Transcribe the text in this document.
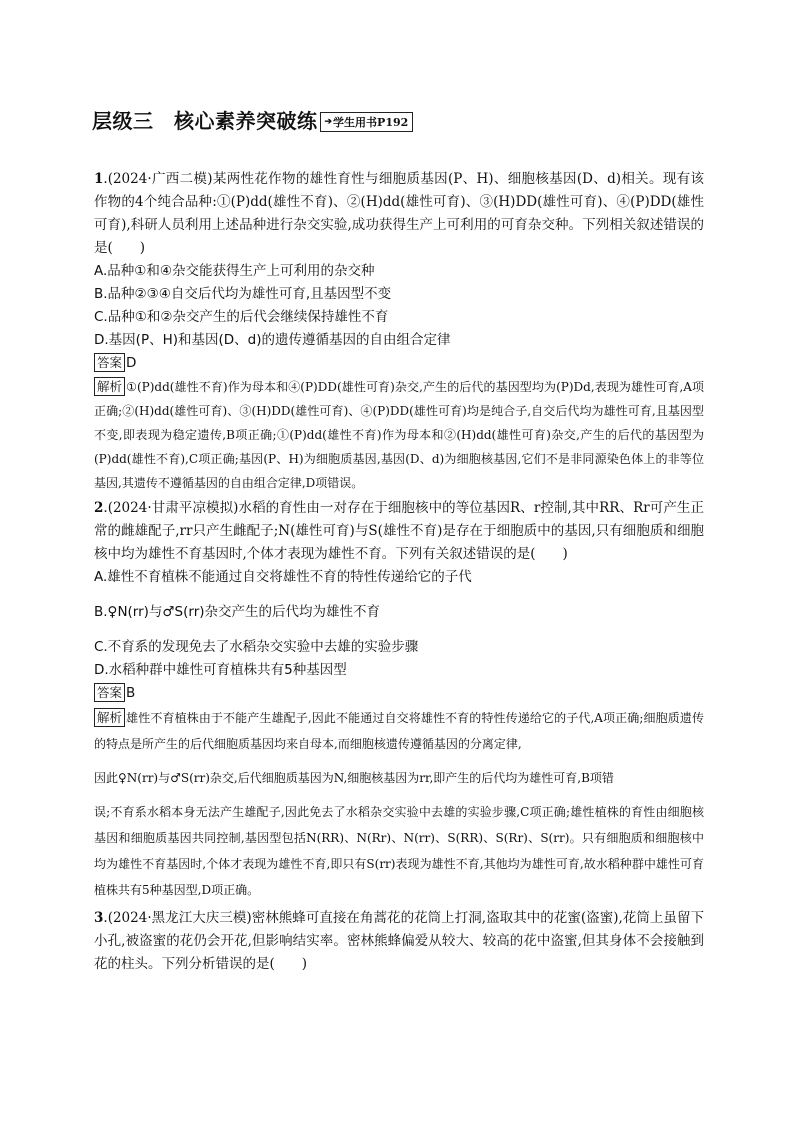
层级三　核心素养突破练 ➔ 学生用书P192

1.(2024·广西二模)某两性花作物的雄性育性与细胞质基因(P、H)、细胞核基因(D、d)相关。现有该作物的4个纯合品种:①(P)dd(雄性不育)、②(H)dd(雄性可育)、③(H)DD(雄性可育)、④(P)DD(雄性可育),科研人员利用上述品种进行杂交实验,成功获得生产上可利用的可育杂交种。下列相关叙述错误的是(　　)

A.品种①和④杂交能获得生产上可利用的杂交种

B.品种②③④自交后代均为雄性可育,且基因型不变

C.品种①和②杂交产生的后代会继续保持雄性不育

D.基因(P、H)和基因(D、d)的遗传遵循基因的自由组合定律

答案 D

解析 ①(P)dd(雄性不育)作为母本和④(P)DD(雄性可育)杂交,产生的后代的基因型均为(P)Dd,表现为雄性可育,A项正确;②(H)dd(雄性可育)、③(H)DD(雄性可育)、④(P)DD(雄性可育)均是纯合子,自交后代均为雄性可育,且基因型不变,即表现为稳定遗传,B项正确;①(P)dd(雄性不育)作为母本和②(H)dd(雄性可育)杂交,产生的后代的基因型为(P)dd(雄性不育),C项正确;基因(P、H)为细胞质基因,基因(D、d)为细胞核基因,它们不是非同源染色体上的非等位基因,其遗传不遵循基因的自由组合定律,D项错误。

2.(2024·甘肃平凉模拟)水稻的育性由一对存在于细胞核中的等位基因R、r控制,其中RR、Rr可产生正常的雌雄配子,rr只产生雌配子;N(雄性可育)与S(雄性不育)是存在于细胞质中的基因,只有细胞质和细胞核中均为雄性不育基因时,个体才表现为雄性不育。下列有关叙述错误的是(　　)

A.雄性不育植株不能通过自交将雄性不育的特性传递给它的子代

B.♀N(rr)与♂S(rr)杂交产生的后代均为雄性不育

C.不育系的发现免去了水稻杂交实验中去雄的实验步骤

D.水稻种群中雄性可育植株共有5种基因型

答案 B

解析 雄性不育植株由于不能产生雄配子,因此不能通过自交将雄性不育的特性传递给它的子代,A项正确;细胞质遗传的特点是所产生的后代细胞质基因均来自母本,而细胞核遗传遵循基因的分离定律,
因此♀N(rr)与♂S(rr)杂交,后代细胞质基因为N,细胞核基因为rr,即产生的后代均为雄性可育,B项错
误;不育系水稻本身无法产生雄配子,因此免去了水稻杂交实验中去雄的实验步骤,C项正确;雄性植株的育性由细胞核基因和细胞质基因共同控制,基因型包括N(RR)、N(Rr)、N(rr)、S(RR)、S(Rr)、S(rr)。只有细胞质和细胞核中均为雄性不育基因时,个体才表现为雄性不育,即只有S(rr)表现为雄性不育,其他均为雄性可育,故水稻种群中雄性可育植株共有5种基因型,D项正确。

3.(2024·黑龙江大庆三模)密林熊蜂可直接在角蒿花的花筒上打洞,盗取其中的花蜜(盗蜜),花筒上虽留下小孔,被盗蜜的花仍会开花,但影响结实率。密林熊蜂偏爱从较大、较高的花中盗蜜,但其身体不会接触到花的柱头。下列分析错误的是(　　)
